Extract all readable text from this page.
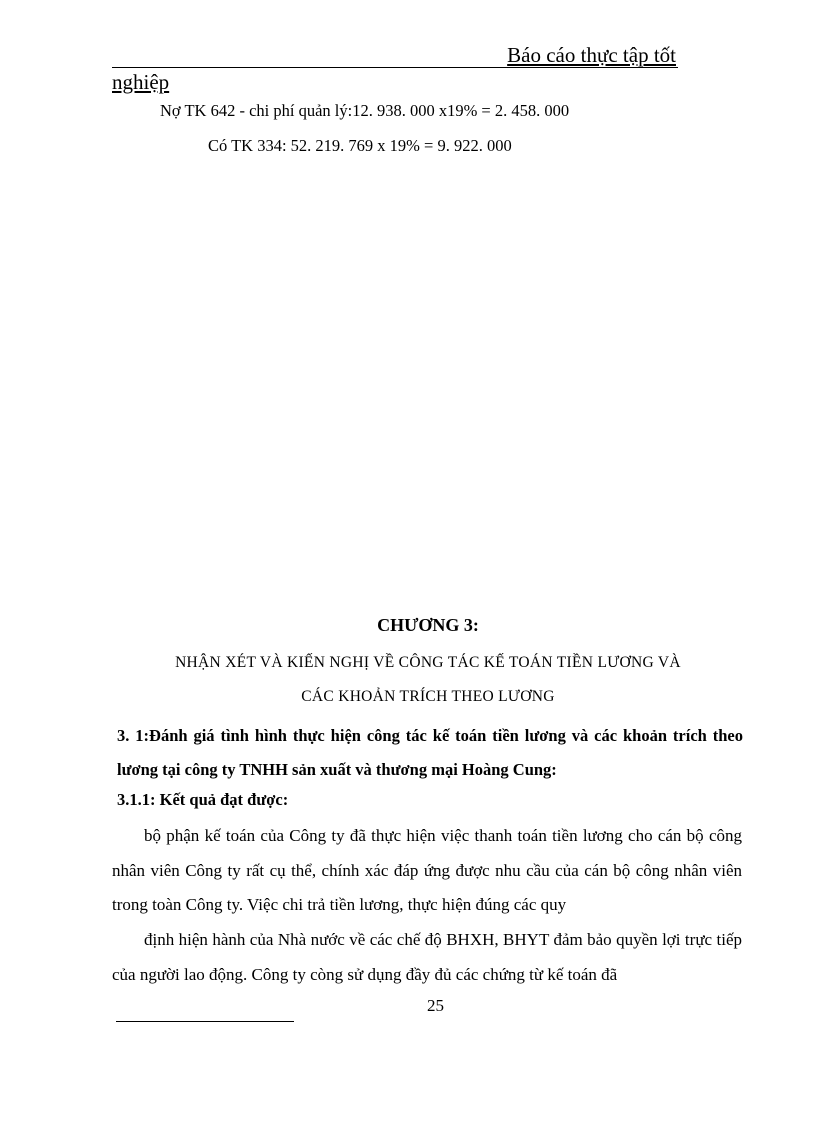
Báo cáo thực tập tốt
nghiệp
Nợ TK 642 - chi phí quản lý:12. 938. 000 x19% = 2. 458. 000
Có TK 334: 52. 219. 769 x 19% = 9. 922. 000
CHƯƠNG 3:
NHẬN XÉT VÀ KIẾN NGHỊ VỀ CÔNG TÁC KẾ TOÁN TIỀN LƯƠNG VÀ
CÁC KHOẢN TRÍCH THEO LƯƠNG
3. 1:Đánh giá tình hình thực hiện công tác kế toán tiền lương và các khoản trích theo lương tại công ty TNHH sản xuất và thương mại Hoàng Cung:
3.1.1: Kết quả đạt được:
bộ phận kế toán của Công ty đã thực hiện việc thanh toán tiền lương cho cán bộ công nhân viên Công ty rất cụ thể, chính xác đáp ứng được nhu cầu của cán bộ công nhân viên trong toàn Công ty. Việc chi trả tiền lương, thực hiện đúng các quy
định hiện hành của Nhà nước về các chế độ BHXH, BHYT đảm bảo quyền lợi trực tiếp của người lao động. Công ty còng sử dụng đầy đủ các chứng từ kế toán đã
25
